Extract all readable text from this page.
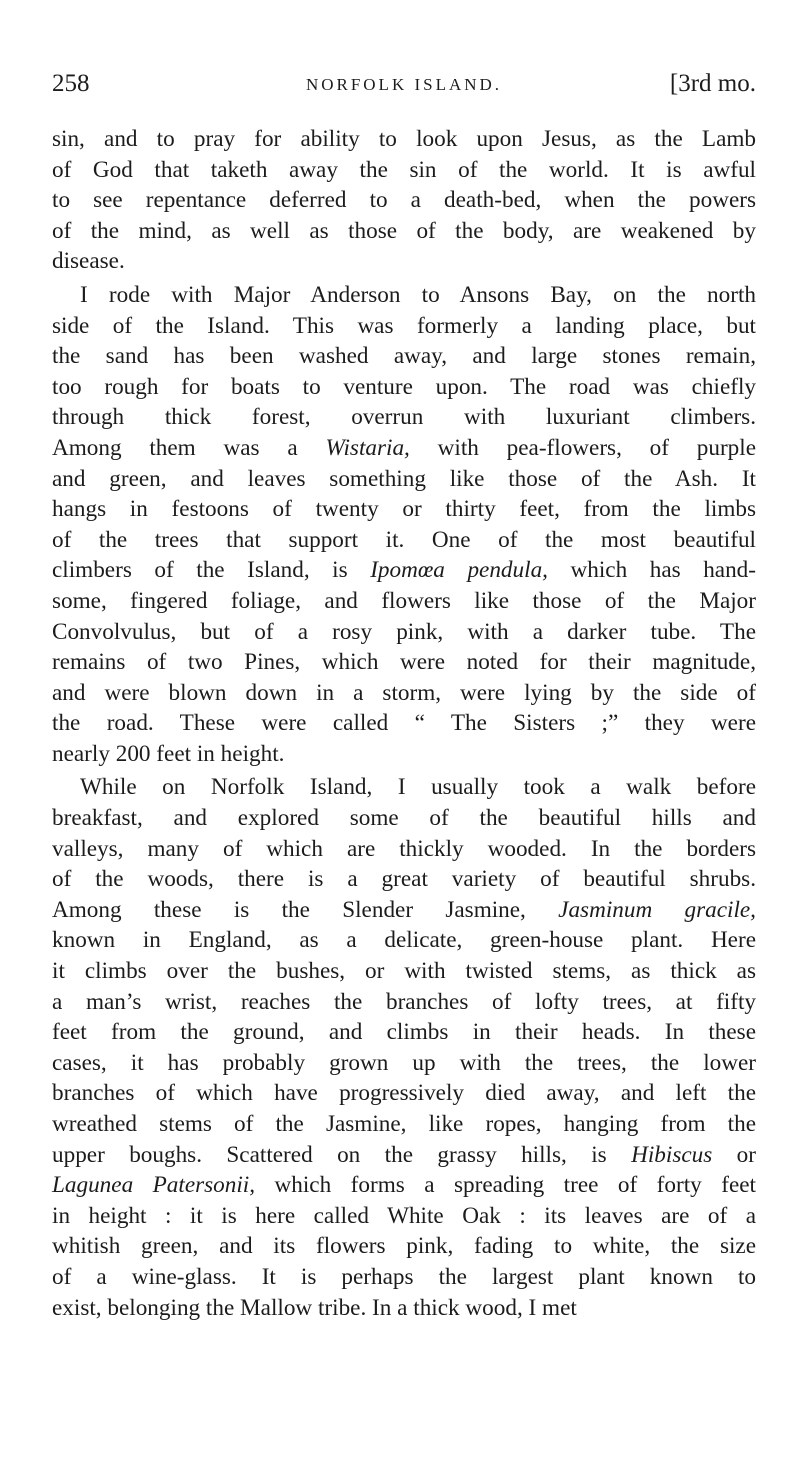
258	NORFOLK ISLAND.	[3rd mo.
sin, and to pray for ability to look upon Jesus, as the Lamb
of God that taketh away the sin of the world. It is awful
to see repentance deferred to a death-bed, when the powers
of the mind, as well as those of the body, are weakened by
disease.
I rode with Major Anderson to Ansons Bay, on the north
side of the Island. This was formerly a landing place, but
the sand has been washed away, and large stones remain,
too rough for boats to venture upon. The road was chiefly
through thick forest, overrun with luxuriant climbers.
Among them was a Wistaria, with pea-flowers, of purple
and green, and leaves something like those of the Ash. It
hangs in festoons of twenty or thirty feet, from the limbs
of the trees that support it. One of the most beautiful
climbers of the Island, is Ipomœa pendula, which has hand-
some, fingered foliage, and flowers like those of the Major
Convolvulus, but of a rosy pink, with a darker tube. The
remains of two Pines, which were noted for their magnitude,
and were blown down in a storm, were lying by the side of
the road. These were called “ The Sisters ;” they were
nearly 200 feet in height.
While on Norfolk Island, I usually took a walk before
breakfast, and explored some of the beautiful hills and
valleys, many of which are thickly wooded. In the borders
of the woods, there is a great variety of beautiful shrubs.
Among these is the Slender Jasmine, Jasminum gracile,
known in England, as a delicate, green-house plant. Here
it climbs over the bushes, or with twisted stems, as thick as
a man’s wrist, reaches the branches of lofty trees, at fifty
feet from the ground, and climbs in their heads. In these
cases, it has probably grown up with the trees, the lower
branches of which have progressively died away, and left the
wreathed stems of the Jasmine, like ropes, hanging from the
upper boughs. Scattered on the grassy hills, is Hibiscus or
Lagunea Patersonii, which forms a spreading tree of forty feet
in height : it is here called White Oak : its leaves are of a
whitish green, and its flowers pink, fading to white, the size
of a wine-glass. It is perhaps the largest plant known to
exist, belonging the Mallow tribe. In a thick wood, I met
